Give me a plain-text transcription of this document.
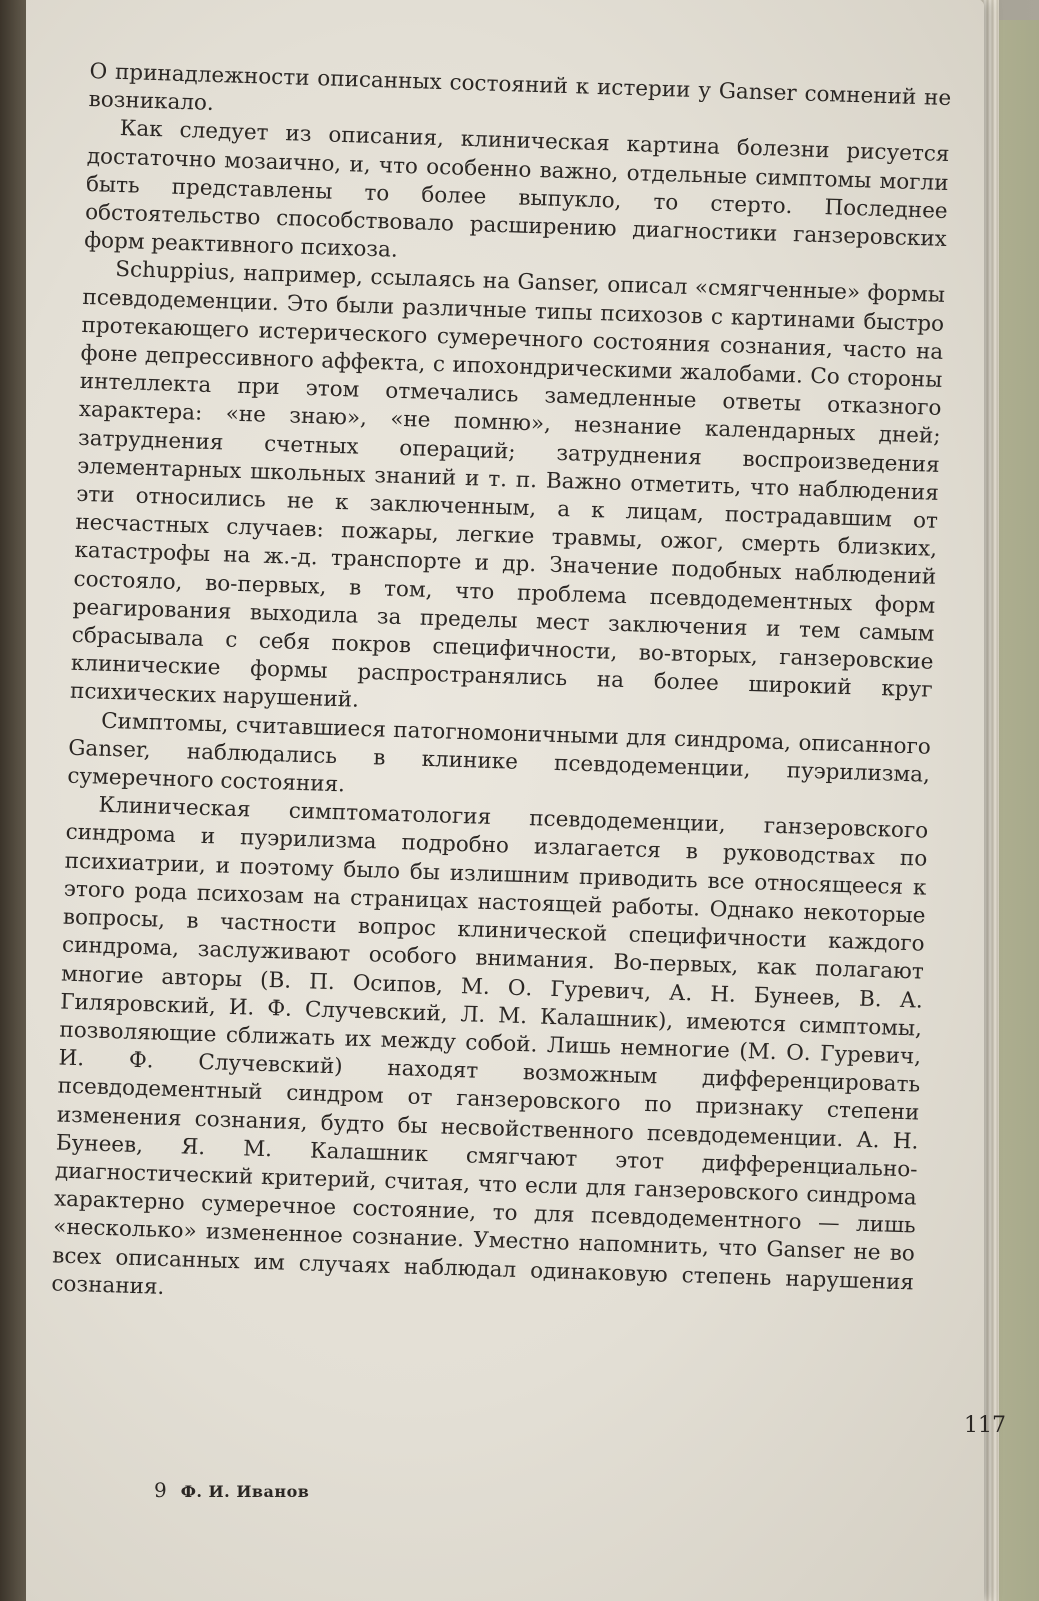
О принадлежности описанных состояний к истерии у Ganser сомнений не возникало.

Как следует из описания, клиническая картина болезни рисуется достаточно мозаично, и, что особенно важно, отдельные симптомы могли быть представлены то более выпукло, то стерто. Последнее обстоятельство способствовало расширению диагностики ганзеровских форм реактивного психоза.

Schuppius, например, ссылаясь на Ganser, описал «смягченные» формы псевдодеменции. Это были различные типы психозов с картинами быстро протекающего истерического сумеречного состояния сознания, часто на фоне депрессивного аффекта, с ипохондрическими жалобами. Со стороны интеллекта при этом отмечались замедленные ответы отказного характера: «не знаю», «не помню», незнание календарных дней; затруднения счетных операций; затруднения воспроизведения элементарных школьных знаний и т. п. Важно отметить, что наблюдения эти относились не к заключенным, а к лицам, пострадавшим от несчастных случаев: пожары, легкие травмы, ожог, смерть близких, катастрофы на ж.-д. транспорте и др. Значение подобных наблюдений состояло, во-первых, в том, что проблема псевдодементных форм реагирования выходила за пределы мест заключения и тем самым сбрасывала с себя покров специфичности, во-вторых, ганзеровские клинические формы распространялись на более широкий круг психических нарушений.

Симптомы, считавшиеся патогномоничными для синдрома, описанного Ganser, наблюдались в клинике псевдодеменции, пуэрилизма, сумеречного состояния.

Клиническая симптоматология псевдодеменции, ганзеровского синдрома и пуэрилизма подробно излагается в руководствах по психиатрии, и поэтому было бы излишним приводить все относящееся к этого рода психозам на страницах настоящей работы. Однако некоторые вопросы, в частности вопрос клинической специфичности каждого синдрома, заслуживают особого внимания. Во-первых, как полагают многие авторы (В. П. Осипов, М. О. Гуревич, А. Н. Бунеев, В. А. Гиляровский, И. Ф. Случевский, Л. М. Калашник), имеются симптомы, позволяющие сближать их между собой. Лишь немногие (М. О. Гуревич, И. Ф. Случевский) находят возможным дифференцировать псевдодементный синдром от ганзеровского по признаку степени изменения сознания, будто бы несвойственного псевдодеменции. А. Н. Бунеев, Я. М. Калашник смягчают этот дифференциально-диагностический критерий, считая, что если для ганзеровского синдрома характерно сумеречное состояние, то для псевдодементного — лишь «несколько» измененное сознание. Уместно напомнить, что Ganser не во всех описанных им случаях наблюдал одинаковую степень нарушения сознания.

117
9 Ф. И. Иванов
